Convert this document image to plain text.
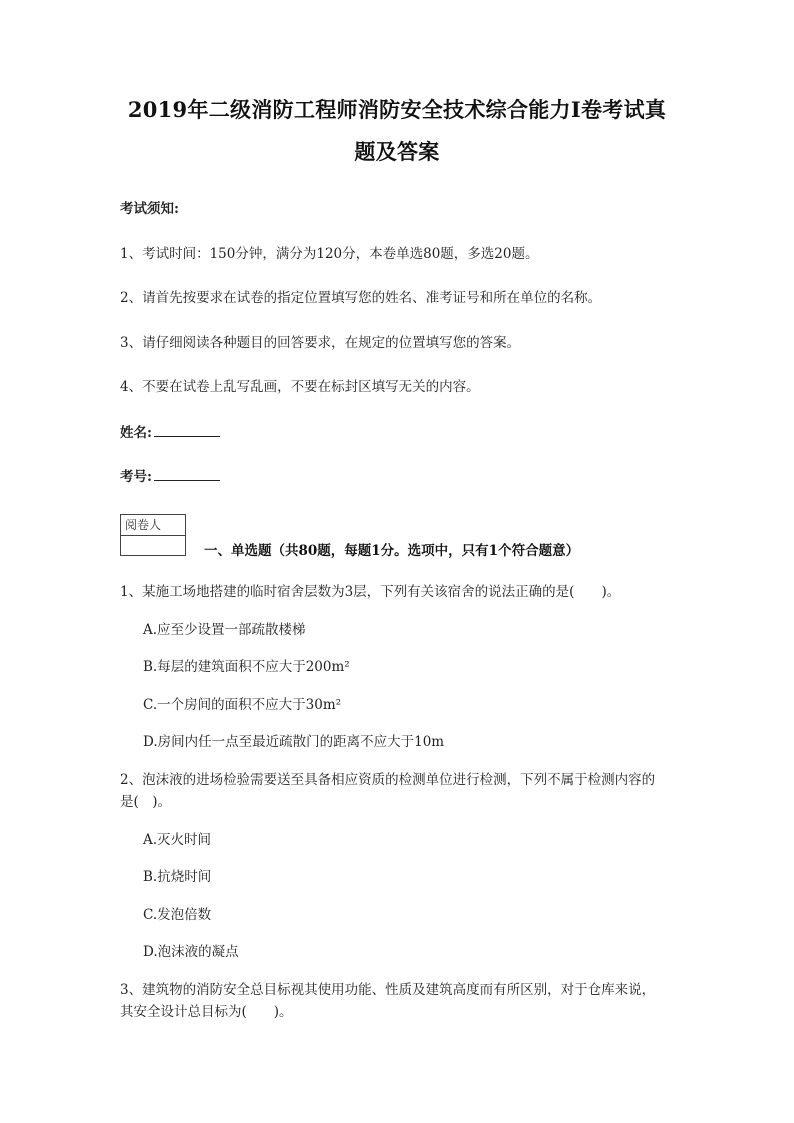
2019年二级消防工程师消防安全技术综合能力I卷考试真
题及答案
考试须知:
1、考试时间：150分钟，满分为120分，本卷单选80题，多选20题。
2、请首先按要求在试卷的指定位置填写您的姓名、准考证号和所在单位的名称。
3、请仔细阅读各种题目的回答要求，在规定的位置填写您的答案。
4、不要在试卷上乱写乱画，不要在标封区填写无关的内容。
姓名:
考号:
阅卷人
一、单选题（共80题，每题1分。选项中，只有1个符合题意）
1、某施工场地搭建的临时宿舍层数为3层，下列有关该宿舍的说法正确的是(　　)。
A.应至少设置一部疏散楼梯
B.每层的建筑面积不应大于200m²
C.一个房间的面积不应大于30m²
D.房间内任一点至最近疏散门的距离不应大于10m
2、泡沫液的进场检验需要送至具备相应资质的检测单位进行检测，下列不属于检测内容的
是(　)。
A.灭火时间
B.抗烧时间
C.发泡倍数
D.泡沫液的凝点
3、建筑物的消防安全总目标视其使用功能、性质及建筑高度而有所区别，对于仓库来说，
其安全设计总目标为(　　)。
